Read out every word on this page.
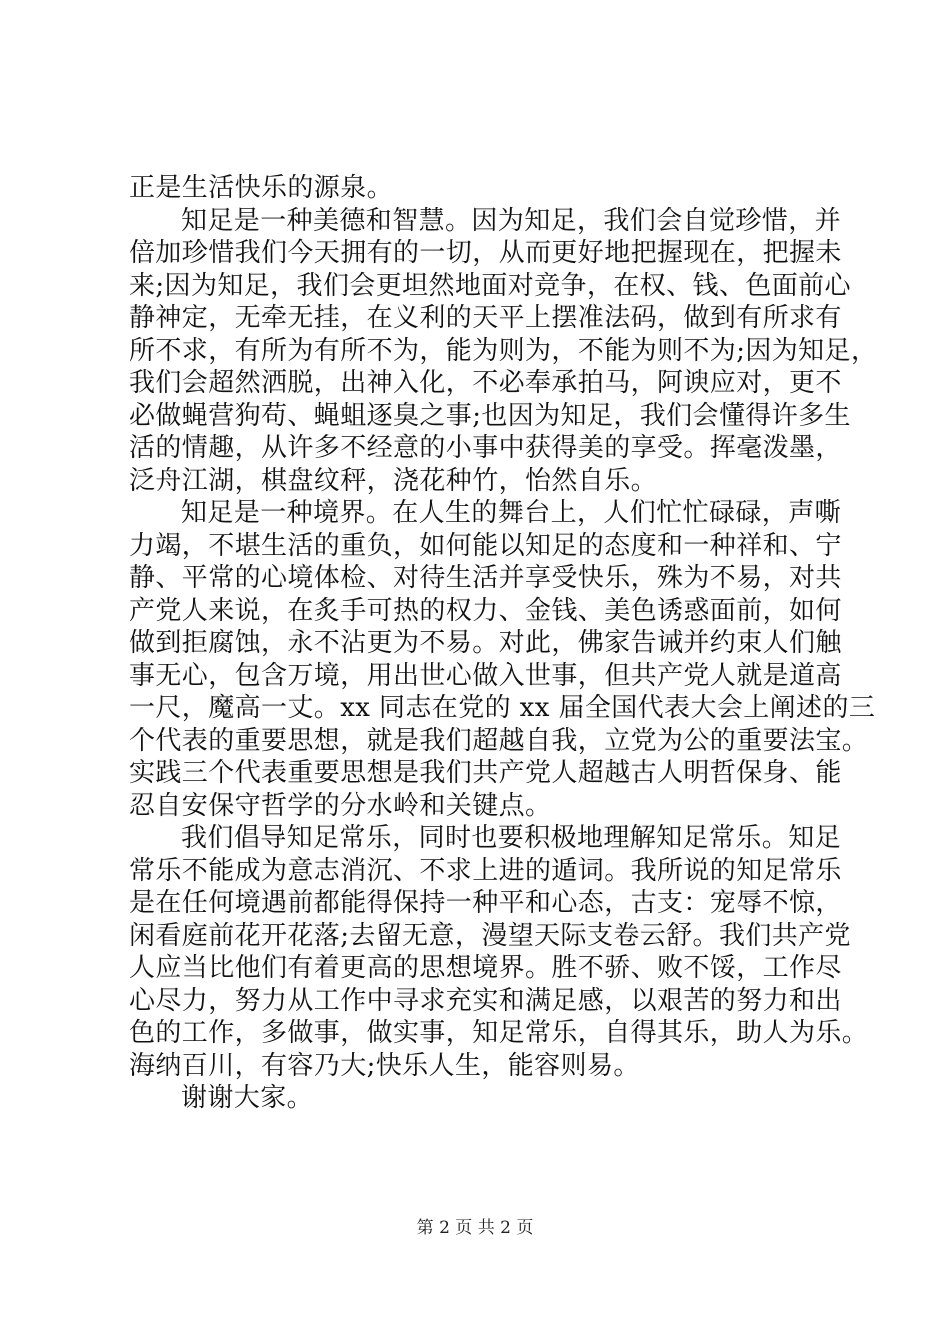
正是生活快乐的源泉。
知足是一种美德和智慧。因为知足，我们会自觉珍惜，并
倍加珍惜我们今天拥有的一切，从而更好地把握现在，把握未
来;因为知足，我们会更坦然地面对竞争，在权、钱、色面前心
静神定，无牵无挂，在义利的天平上摆准法码，做到有所求有
所不求，有所为有所不为，能为则为，不能为则不为;因为知足，
我们会超然洒脱，出神入化，不必奉承拍马，阿谀应对，更不
必做蝇营狗苟、蝇蛆逐臭之事;也因为知足，我们会懂得许多生
活的情趣，从许多不经意的小事中获得美的享受。挥毫泼墨，
泛舟江湖，棋盘纹秤，浇花种竹，怡然自乐。
知足是一种境界。在人生的舞台上，人们忙忙碌碌，声嘶
力竭，不堪生活的重负，如何能以知足的态度和一种祥和、宁
静、平常的心境体检、对待生活并享受快乐，殊为不易，对共
产党人来说，在炙手可热的权力、金钱、美色诱惑面前，如何
做到拒腐蚀，永不沾更为不易。对此，佛家告诫并约束人们触
事无心，包含万境，用出世心做入世事，但共产党人就是道高
一尺，魔高一丈。xx 同志在党的 xx 届全国代表大会上阐述的三
个代表的重要思想，就是我们超越自我，立党为公的重要法宝。
实践三个代表重要思想是我们共产党人超越古人明哲保身、能
忍自安保守哲学的分水岭和关键点。
我们倡导知足常乐，同时也要积极地理解知足常乐。知足
常乐不能成为意志消沉、不求上进的遁词。我所说的知足常乐
是在任何境遇前都能得保持一种平和心态，古支：宠辱不惊，
闲看庭前花开花落;去留无意，漫望天际支卷云舒。我们共产党
人应当比他们有着更高的思想境界。胜不骄、败不馁，工作尽
心尽力，努力从工作中寻求充实和满足感，以艰苦的努力和出
色的工作，多做事，做实事，知足常乐，自得其乐，助人为乐。
海纳百川，有容乃大;快乐人生，能容则易。
谢谢大家。
第 2 页 共 2 页
